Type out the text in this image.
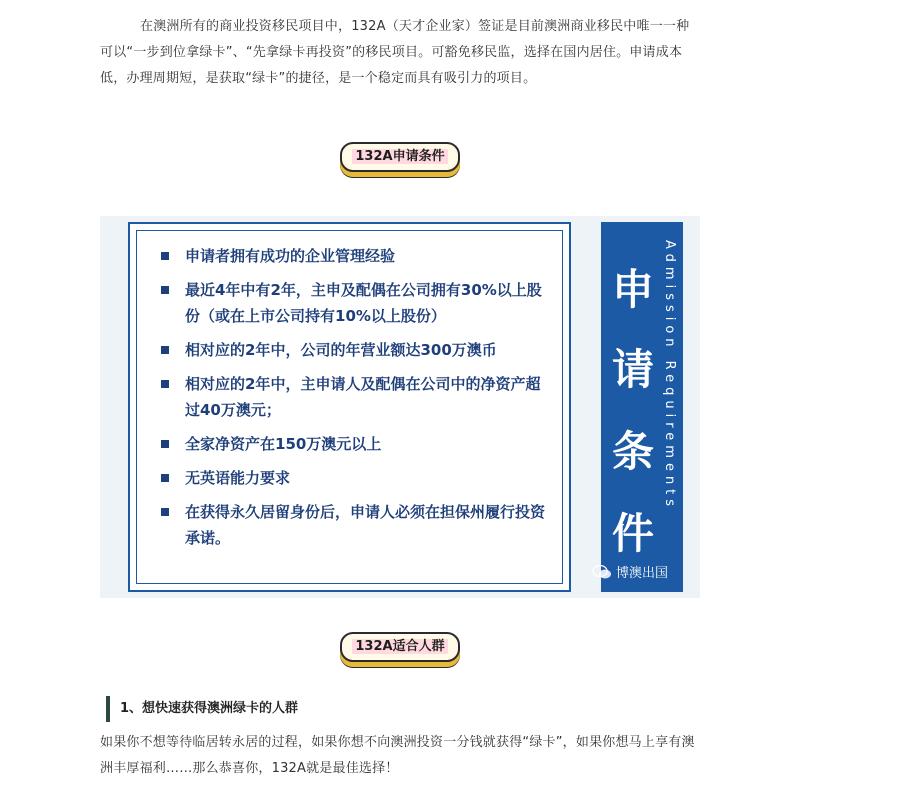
在澳洲所有的商业投资移民项目中，132A（天才企业家）签证是目前澳洲商业移民中唯一一种可以“一步到位拿绿卡”、“先拿绿卡再投资”的移民项目。可豁免移民监，选择在国内居住。申请成本低，办理周期短，是获取“绿卡”的捷径，是一个稳定而具有吸引力的项目。

132A申请条件
申请者拥有成功的企业管理经验
最近4年中有2年，主申及配偶在公司拥有30%以上股份（或在上市公司持有10%以上股份）
相对应的2年中，公司的年营业额达300万澳币
相对应的2年中，主申请人及配偶在公司中的净资产超过40万澳元；
全家净资产在150万澳元以上
无英语能力要求
在获得永久居留身份后，申请人必须在担保州履行投资承诺。
申
请
条
件
Admission Requirements
博澳出国
132A适合人群
1、想快速获得澳洲绿卡的人群

如果你不想等待临居转永居的过程，如果你想不向澳洲投资一分钱就获得“绿卡”，如果你想马上享有澳洲丰厚福利……那么恭喜你，132A就是最佳选择！
